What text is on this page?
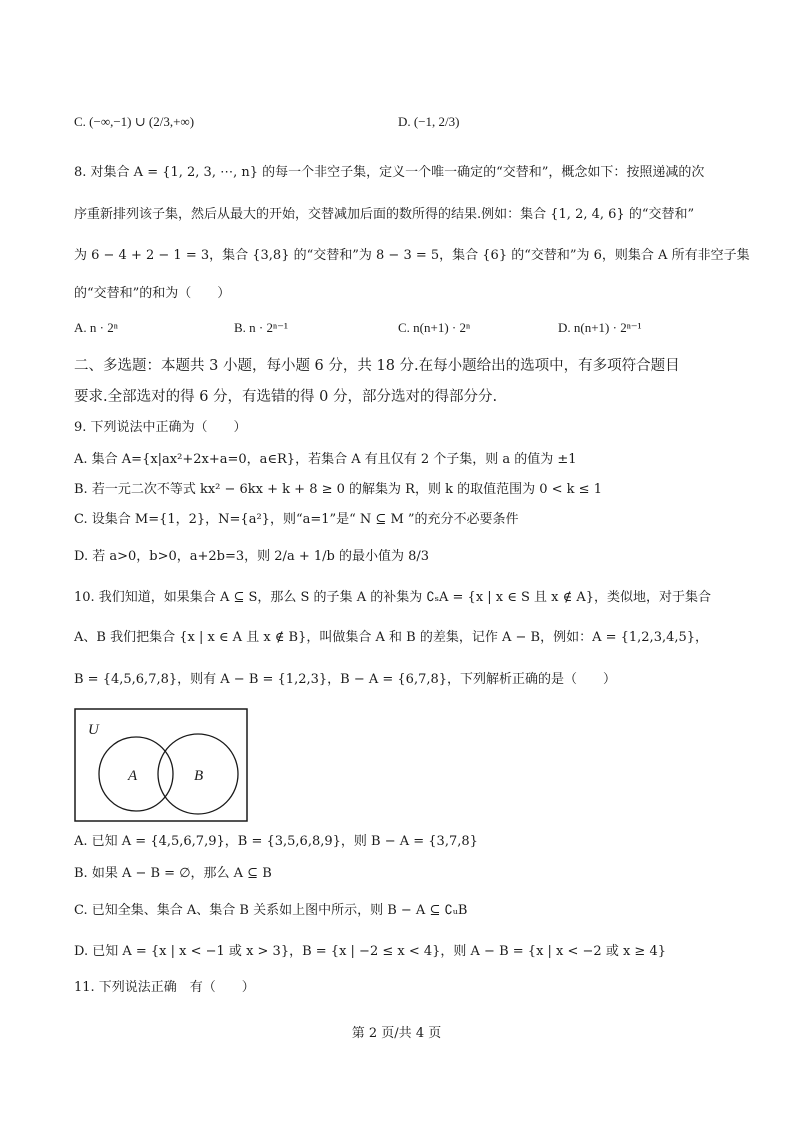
C. (−∞,−1) ∪ (2/3,+∞)	D. (−1, 2/3)
8. 对集合 A = {1, 2, 3, ⋯, n} 的每一个非空子集，定义一个唯一确定的“交替和”，概念如下：按照递减的次
序重新排列该子集，然后从最大的开始，交替减加后面的数所得的结果.例如：集合 {1, 2, 4, 6} 的“交替和”
为 6 − 4 + 2 − 1 = 3，集合 {3,8} 的“交替和”为 8 − 3 = 5，集合 {6} 的“交替和”为 6，则集合 A 所有非空子集
的“交替和”的和为（　　）
A. n · 2ⁿ	B. n · 2ⁿ⁻¹	C. n(n+1) · 2ⁿ	D. n(n+1) · 2ⁿ⁻¹
二、多选题：本题共 3 小题，每小题 6 分，共 18 分.在每小题给出的选项中，有多项符合题目
要求.全部选对的得 6 分，有选错的得 0 分，部分选对的得部分分.
9. 下列说法中正确为（　　）
A. 集合 A={x|ax²+2x+a=0，a∈R}，若集合 A 有且仅有 2 个子集，则 a 的值为 ±1
B. 若一元二次不等式 kx² − 6kx + k + 8 ≥ 0 的解集为 R，则 k 的取值范围为 0 < k ≤ 1
C. 设集合 M={1，2}，N={a²}，则“a=1”是“ N ⊆ M ”的充分不必要条件
D. 若 a>0，b>0，a+2b=3，则 2/a + 1/b 的最小值为 8/3
10. 我们知道，如果集合 A ⊆ S，那么 S 的子集 A 的补集为 ∁ₛA = {x | x ∈ S 且 x ∉ A}，类似地，对于集合
A、B 我们把集合 {x | x ∈ A 且 x ∉ B}，叫做集合 A 和 B 的差集，记作 A − B，例如：A = {1,2,3,4,5}，
B = {4,5,6,7,8}，则有 A − B = {1,2,3}，B − A = {6,7,8}，下列解析正确的是（　　）
U
A	B
A. 已知 A = {4,5,6,7,9}，B = {3,5,6,8,9}，则 B − A = {3,7,8}
B. 如果 A − B = ∅，那么 A ⊆ B
C. 已知全集、集合 A、集合 B 关系如上图中所示，则 B − A ⊆ ∁ᵤB
D. 已知 A = {x | x < −1 或 x > 3}，B = {x | −2 ≤ x < 4}，则 A − B = {x | x < −2 或 x ≥ 4}
11. 下列说法正确　有（　　）
第 2 页/共 4 页
